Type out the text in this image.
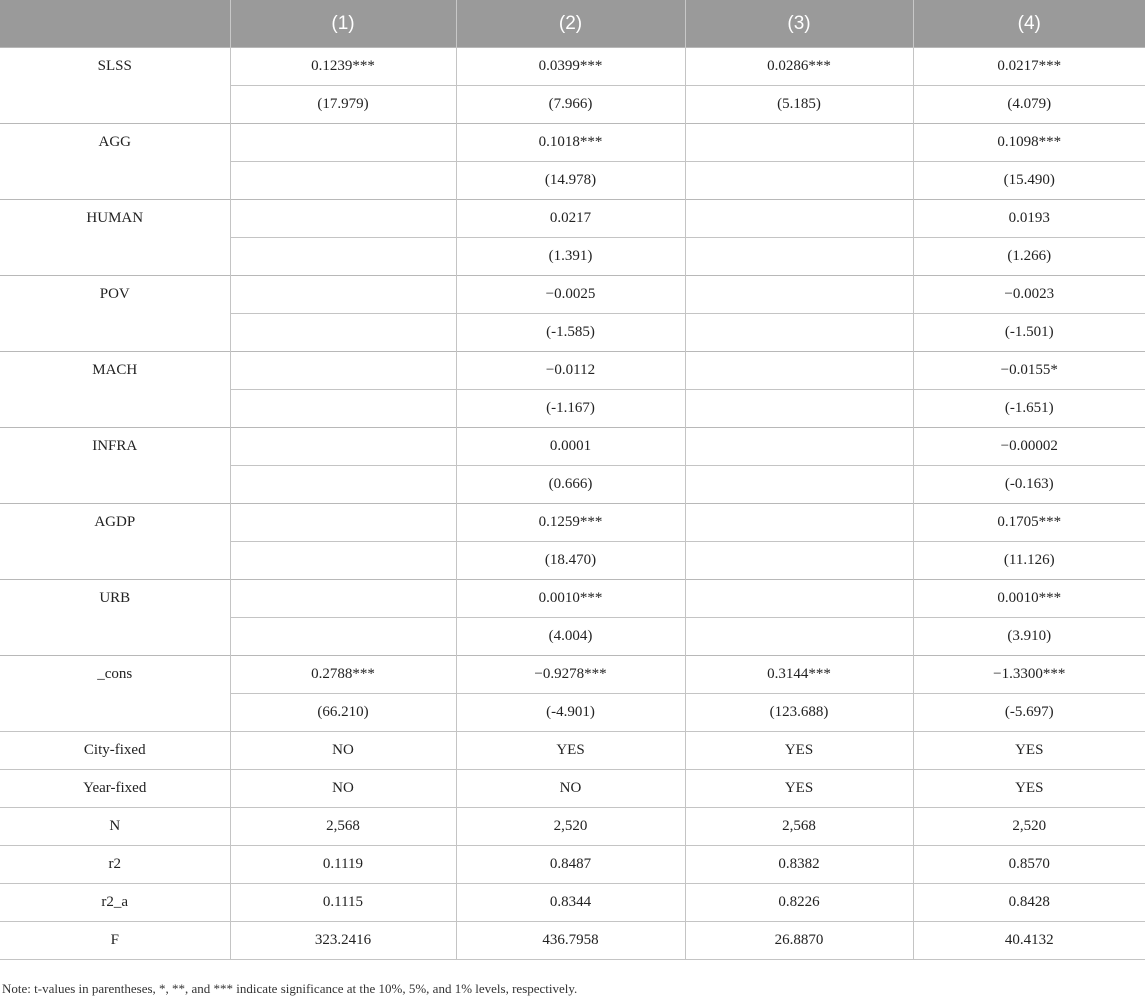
	(1)	(2)	(3)	(4)
SLSS	0.1239***	0.0399***	0.0286***	0.0217***
	(17.979)	(7.966)	(5.185)	(4.079)
AGG		0.1018***		0.1098***
		(14.978)		(15.490)
HUMAN		0.0217		0.0193
		(1.391)		(1.266)
POV		−0.0025		−0.0023
		(-1.585)		(-1.501)
MACH		−0.0112		−0.0155*
		(-1.167)		(-1.651)
INFRA		0.0001		−0.00002
		(0.666)		(-0.163)
AGDP		0.1259***		0.1705***
		(18.470)		(11.126)
URB		0.0010***		0.0010***
		(4.004)		(3.910)
_cons	0.2788***	−0.9278***	0.3144***	−1.3300***
	(66.210)	(-4.901)	(123.688)	(-5.697)
City-fixed	NO	YES	YES	YES
Year-fixed	NO	NO	YES	YES
N	2,568	2,520	2,568	2,520
r2	0.1119	0.8487	0.8382	0.8570
r2_a	0.1115	0.8344	0.8226	0.8428
F	323.2416	436.7958	26.8870	40.4132
Note: t-values in parentheses, *, **, and *** indicate significance at the 10%, 5%, and 1% levels, respectively.
